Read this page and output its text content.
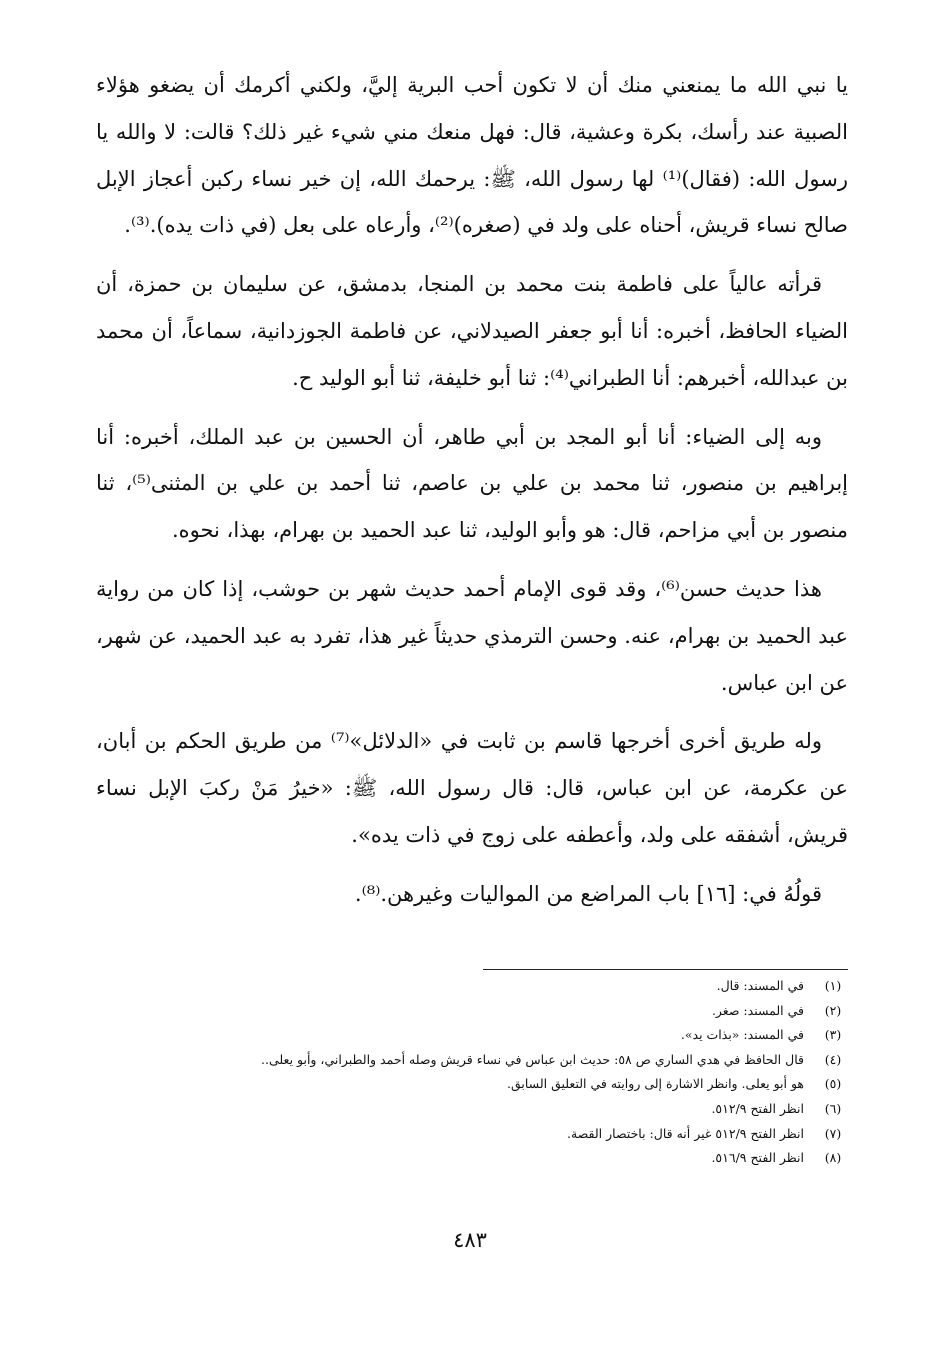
يا نبي الله ما يمنعني منك أن لا تكون أحب البرية إليَّ، ولكني أكرمك أن يضغو هؤلاء الصبية عند رأسك، بكرة وعشية، قال: فهل منعك مني شيء غير ذلك؟ قالت: لا والله يا رسول الله: (فقال)⁽¹⁾ لها رسول الله، ﷺ: يرحمك الله، إن خير نساء ركبن أعجاز الإبل صالح نساء قريش، أحناه على ولد في (صغره)⁽²⁾، وأرعاه على بعل (في ذات يده).⁽³⁾.

قرأته عالياً على فاطمة بنت محمد بن المنجا، بدمشق، عن سليمان بن حمزة، أن الضياء الحافظ، أخبره: أنا أبو جعفر الصيدلاني، عن فاطمة الجوزدانية، سماعاً، أن محمد بن عبدالله، أخبرهم: أنا الطبراني⁽⁴⁾: ثنا أبو خليفة، ثنا أبو الوليد ح.

وبه إلى الضياء: أنا أبو المجد بن أبي طاهر، أن الحسين بن عبد الملك، أخبره: أنا إبراهيم بن منصور، ثنا محمد بن علي بن عاصم، ثنا أحمد بن علي بن المثنى⁽⁵⁾، ثنا منصور بن أبي مزاحم، قال: هو وأبو الوليد، ثنا عبد الحميد بن بهرام، بهذا، نحوه.

هذا حديث حسن⁽⁶⁾، وقد قوى الإمام أحمد حديث شهر بن حوشب، إذا كان من رواية عبد الحميد بن بهرام، عنه. وحسن الترمذي حديثاً غير هذا، تفرد به عبد الحميد، عن شهر، عن ابن عباس.

وله طريق أخرى أخرجها قاسم بن ثابت في «الدلائل»⁽⁷⁾ من طريق الحكم بن أبان، عن عكرمة، عن ابن عباس، قال: قال رسول الله، ﷺ: «خيرُ مَنْ ركبَ الإبل نساء قريش، أشفقه على ولد، وأعطفه على زوج في ذات يده».

قولُهُ في: [١٦] باب المراضع من المواليات وغيرهن.⁽⁸⁾.

(١)
في المسند: قال.
(٢)
في المسند: صغر.
(٣)
في المسند: «بذات يد».
(٤)
قال الحافظ في هدي الساري ص ٥٨: حديث ابن عباس في نساء قريش وصله أحمد والطبراني، وأبو يعلى..
(٥)
هو أبو يعلى. وانظر الاشارة إلى روايته في التعليق السابق.
(٦)
انظر الفتح ٥١٢/٩.
(٧)
انظر الفتح ٥١٢/٩ غير أنه قال: باختصار القصة.
(٨)
انظر الفتح ٥١٦/٩.
٤٨٣
